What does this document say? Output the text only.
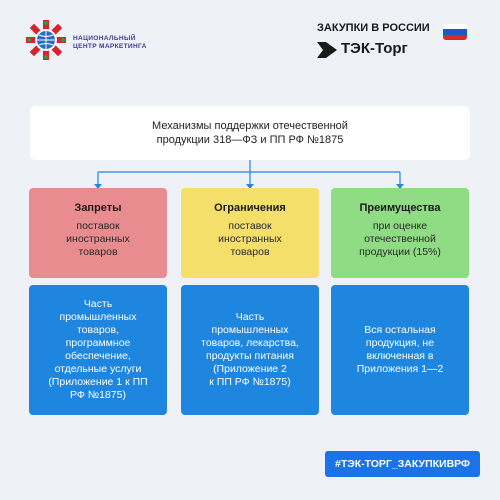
НАЦИОНАЛЬНЫЙ
ЦЕНТР МАРКЕТИНГА
ЗАКУПКИ В РОССИИ
ТЭК-Торг
Механизмы поддержки отечественной
продукции 318—ФЗ и ПП РФ №1875
Запреты
поставок
иностранных
товаров
Ограничения
поставок
иностранных
товаров
Преимущества
при оценке
отечественной
продукции (15%)
Часть
промышленных
товаров,
программное
обеспечение,
отдельные услуги
(Приложение 1 к ПП
РФ №1875)
Часть
промышленных
товаров, лекарства,
продукты питания
(Приложение 2
к ПП РФ №1875)
Вся остальная
продукция, не
включенная в
Приложения 1—2
#ТЭК-ТОРГ_ЗАКУПКИВРФ
